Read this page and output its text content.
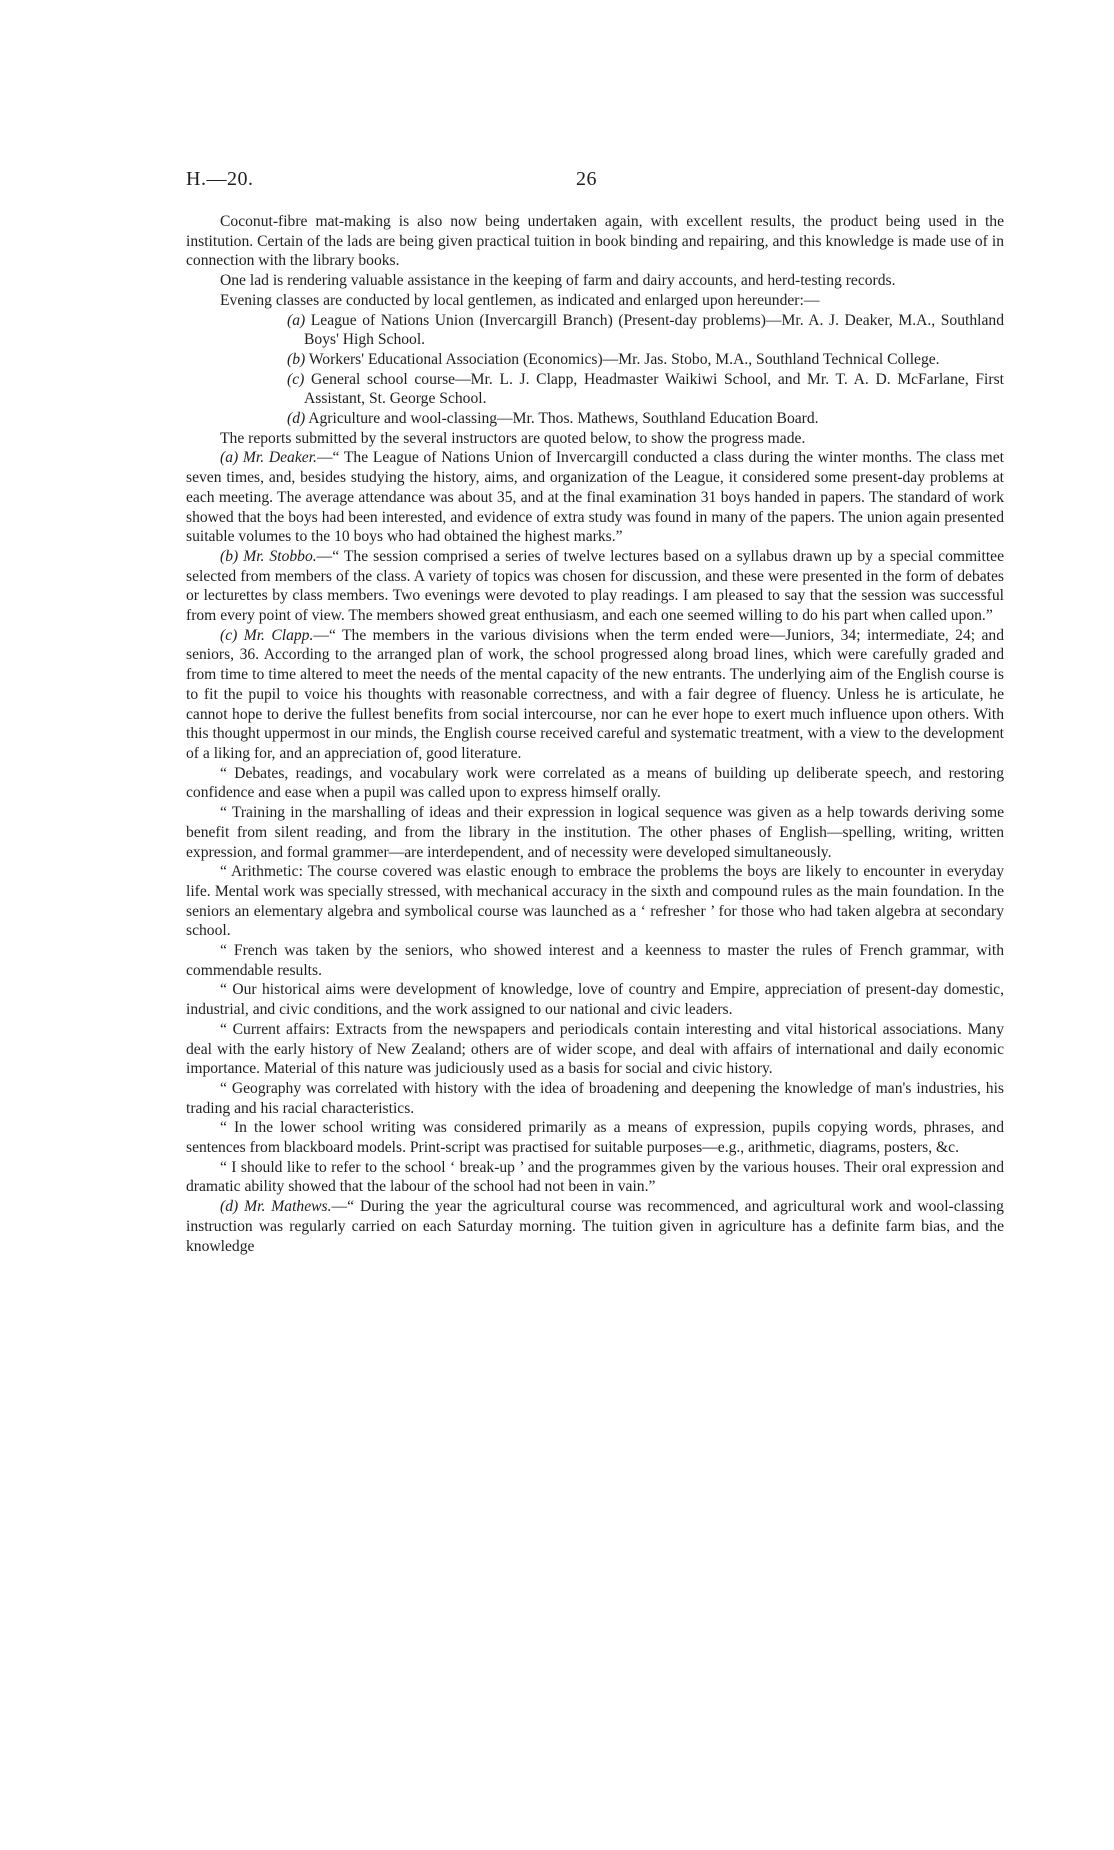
H.—20.	26

Coconut-fibre mat-making is also now being undertaken again, with excellent results, the product being used in the institution. Certain of the lads are being given practical tuition in book binding and repairing, and this knowledge is made use of in connection with the library books.

One lad is rendering valuable assistance in the keeping of farm and dairy accounts, and herd-testing records.

Evening classes are conducted by local gentlemen, as indicated and enlarged upon hereunder:—

(a) League of Nations Union (Invercargill Branch) (Present-day problems)—Mr. A. J. Deaker, M.A., Southland Boys' High School.

(b) Workers' Educational Association (Economics)—Mr. Jas. Stobo, M.A., Southland Technical College.

(c) General school course—Mr. L. J. Clapp, Headmaster Waikiwi School, and Mr. T. A. D. McFarlane, First Assistant, St. George School.

(d) Agriculture and wool-classing—Mr. Thos. Mathews, Southland Education Board.

The reports submitted by the several instructors are quoted below, to show the progress made.

(a) Mr. Deaker.—“ The League of Nations Union of Invercargill conducted a class during the winter months. The class met seven times, and, besides studying the history, aims, and organization of the League, it considered some present-day problems at each meeting. The average attendance was about 35, and at the final examination 31 boys handed in papers. The standard of work showed that the boys had been interested, and evidence of extra study was found in many of the papers. The union again presented suitable volumes to the 10 boys who had obtained the highest marks.”

(b) Mr. Stobbo.—“ The session comprised a series of twelve lectures based on a syllabus drawn up by a special committee selected from members of the class. A variety of topics was chosen for discussion, and these were presented in the form of debates or lecturettes by class members. Two evenings were devoted to play readings. I am pleased to say that the session was successful from every point of view. The members showed great enthusiasm, and each one seemed willing to do his part when called upon.”

(c) Mr. Clapp.—“ The members in the various divisions when the term ended were—Juniors, 34; intermediate, 24; and seniors, 36. According to the arranged plan of work, the school progressed along broad lines, which were carefully graded and from time to time altered to meet the needs of the mental capacity of the new entrants. The underlying aim of the English course is to fit the pupil to voice his thoughts with reasonable correctness, and with a fair degree of fluency. Unless he is articulate, he cannot hope to derive the fullest benefits from social intercourse, nor can he ever hope to exert much influence upon others. With this thought uppermost in our minds, the English course received careful and systematic treatment, with a view to the development of a liking for, and an appreciation of, good literature.

“ Debates, readings, and vocabulary work were correlated as a means of building up deliberate speech, and restoring confidence and ease when a pupil was called upon to express himself orally.

“ Training in the marshalling of ideas and their expression in logical sequence was given as a help towards deriving some benefit from silent reading, and from the library in the institution. The other phases of English—spelling, writing, written expression, and formal grammer—are interdependent, and of necessity were developed simultaneously.

“ Arithmetic: The course covered was elastic enough to embrace the problems the boys are likely to encounter in everyday life. Mental work was specially stressed, with mechanical accuracy in the sixth and compound rules as the main foundation. In the seniors an elementary algebra and symbolical course was launched as a ‘ refresher ’ for those who had taken algebra at secondary school.

“ French was taken by the seniors, who showed interest and a keenness to master the rules of French grammar, with commendable results.

“ Our historical aims were development of knowledge, love of country and Empire, appreciation of present-day domestic, industrial, and civic conditions, and the work assigned to our national and civic leaders.

“ Current affairs: Extracts from the newspapers and periodicals contain interesting and vital historical associations. Many deal with the early history of New Zealand; others are of wider scope, and deal with affairs of international and daily economic importance. Material of this nature was judiciously used as a basis for social and civic history.

“ Geography was correlated with history with the idea of broadening and deepening the knowledge of man's industries, his trading and his racial characteristics.

“ In the lower school writing was considered primarily as a means of expression, pupils copying words, phrases, and sentences from blackboard models. Print-script was practised for suitable purposes—e.g., arithmetic, diagrams, posters, &c.

“ I should like to refer to the school ‘ break-up ’ and the programmes given by the various houses. Their oral expression and dramatic ability showed that the labour of the school had not been in vain.”

(d) Mr. Mathews.—“ During the year the agricultural course was recommenced, and agricultural work and wool-classing instruction was regularly carried on each Saturday morning. The tuition given in agriculture has a definite farm bias, and the knowledge
